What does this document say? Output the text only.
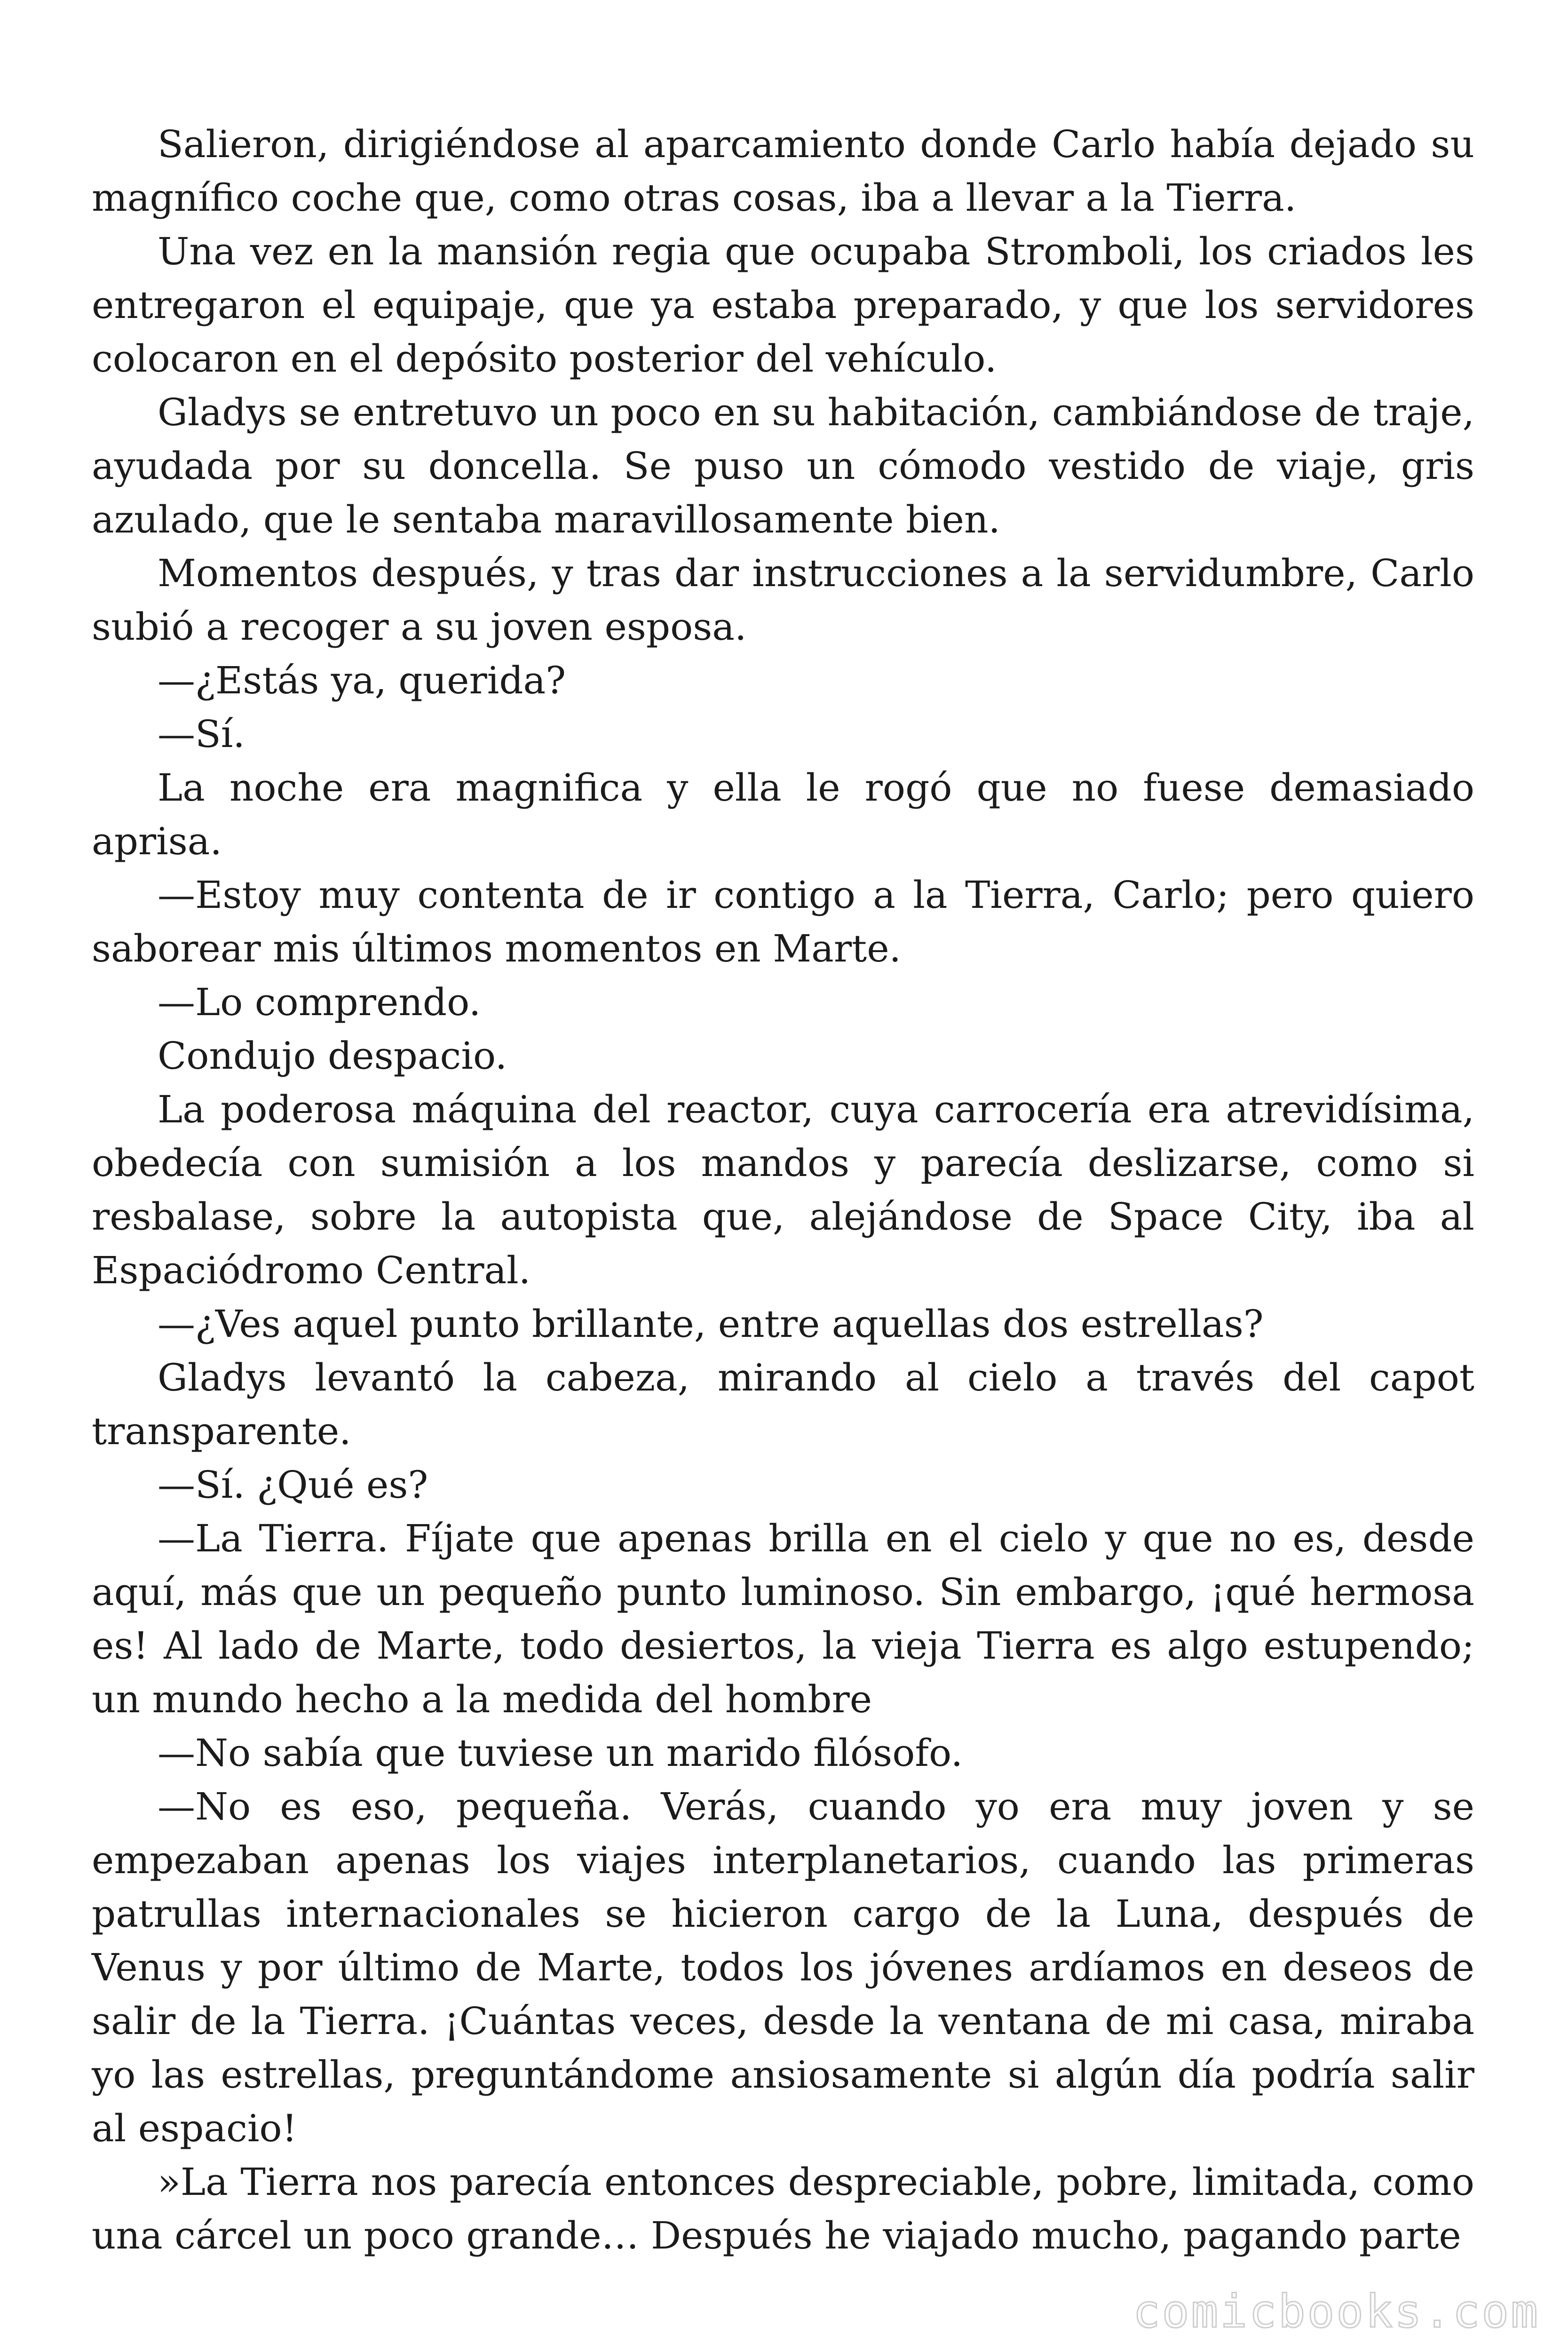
Salieron, dirigiéndose al aparcamiento donde Carlo había dejado su magnífico coche que, como otras cosas, iba a llevar a la Tierra.

Una vez en la mansión regia que ocupaba Stromboli, los criados les entregaron el equipaje, que ya estaba preparado, y que los servidores colocaron en el depósito posterior del vehículo.

Gladys se entretuvo un poco en su habitación, cambiándose de traje, ayudada por su doncella. Se puso un cómodo vestido de viaje, gris azulado, que le sentaba maravillosamente bien.

Momentos después, y tras dar instrucciones a la servidumbre, Carlo subió a recoger a su joven esposa.

—¿Estás ya, querida?

—Sí.

La noche era magnifica y ella le rogó que no fuese demasiado aprisa.

—Estoy muy contenta de ir contigo a la Tierra, Carlo; pero quiero saborear mis últimos momentos en Marte.

—Lo comprendo.

Condujo despacio.

La poderosa máquina del reactor, cuya carrocería era atrevidísima, obedecía con sumisión a los mandos y parecía deslizarse, como si resbalase, sobre la autopista que, alejándose de Space City, iba al Espaciódromo Central.

—¿Ves aquel punto brillante, entre aquellas dos estrellas?

Gladys levantó la cabeza, mirando al cielo a través del capot transparente.

—Sí. ¿Qué es?

—La Tierra. Fíjate que apenas brilla en el cielo y que no es, desde aquí, más que un pequeño punto luminoso. Sin embargo, ¡qué hermosa es! Al lado de Marte, todo desiertos, la vieja Tierra es algo estupendo; un mundo hecho a la medida del hombre

—No sabía que tuviese un marido filósofo.

—No es eso, pequeña. Verás, cuando yo era muy joven y se empezaban apenas los viajes interplanetarios, cuando las primeras patrullas internacionales se hicieron cargo de la Luna, después de Venus y por último de Marte, todos los jóvenes ardíamos en deseos de salir de la Tierra. ¡Cuántas veces, desde la ventana de mi casa, miraba yo las estrellas, preguntándome ansiosamente si algún día podría salir al espacio!

»La Tierra nos parecía entonces despreciable, pobre, limitada, como una cárcel un poco grande… Después he viajado mucho, pagando parte

comicbooks.com
